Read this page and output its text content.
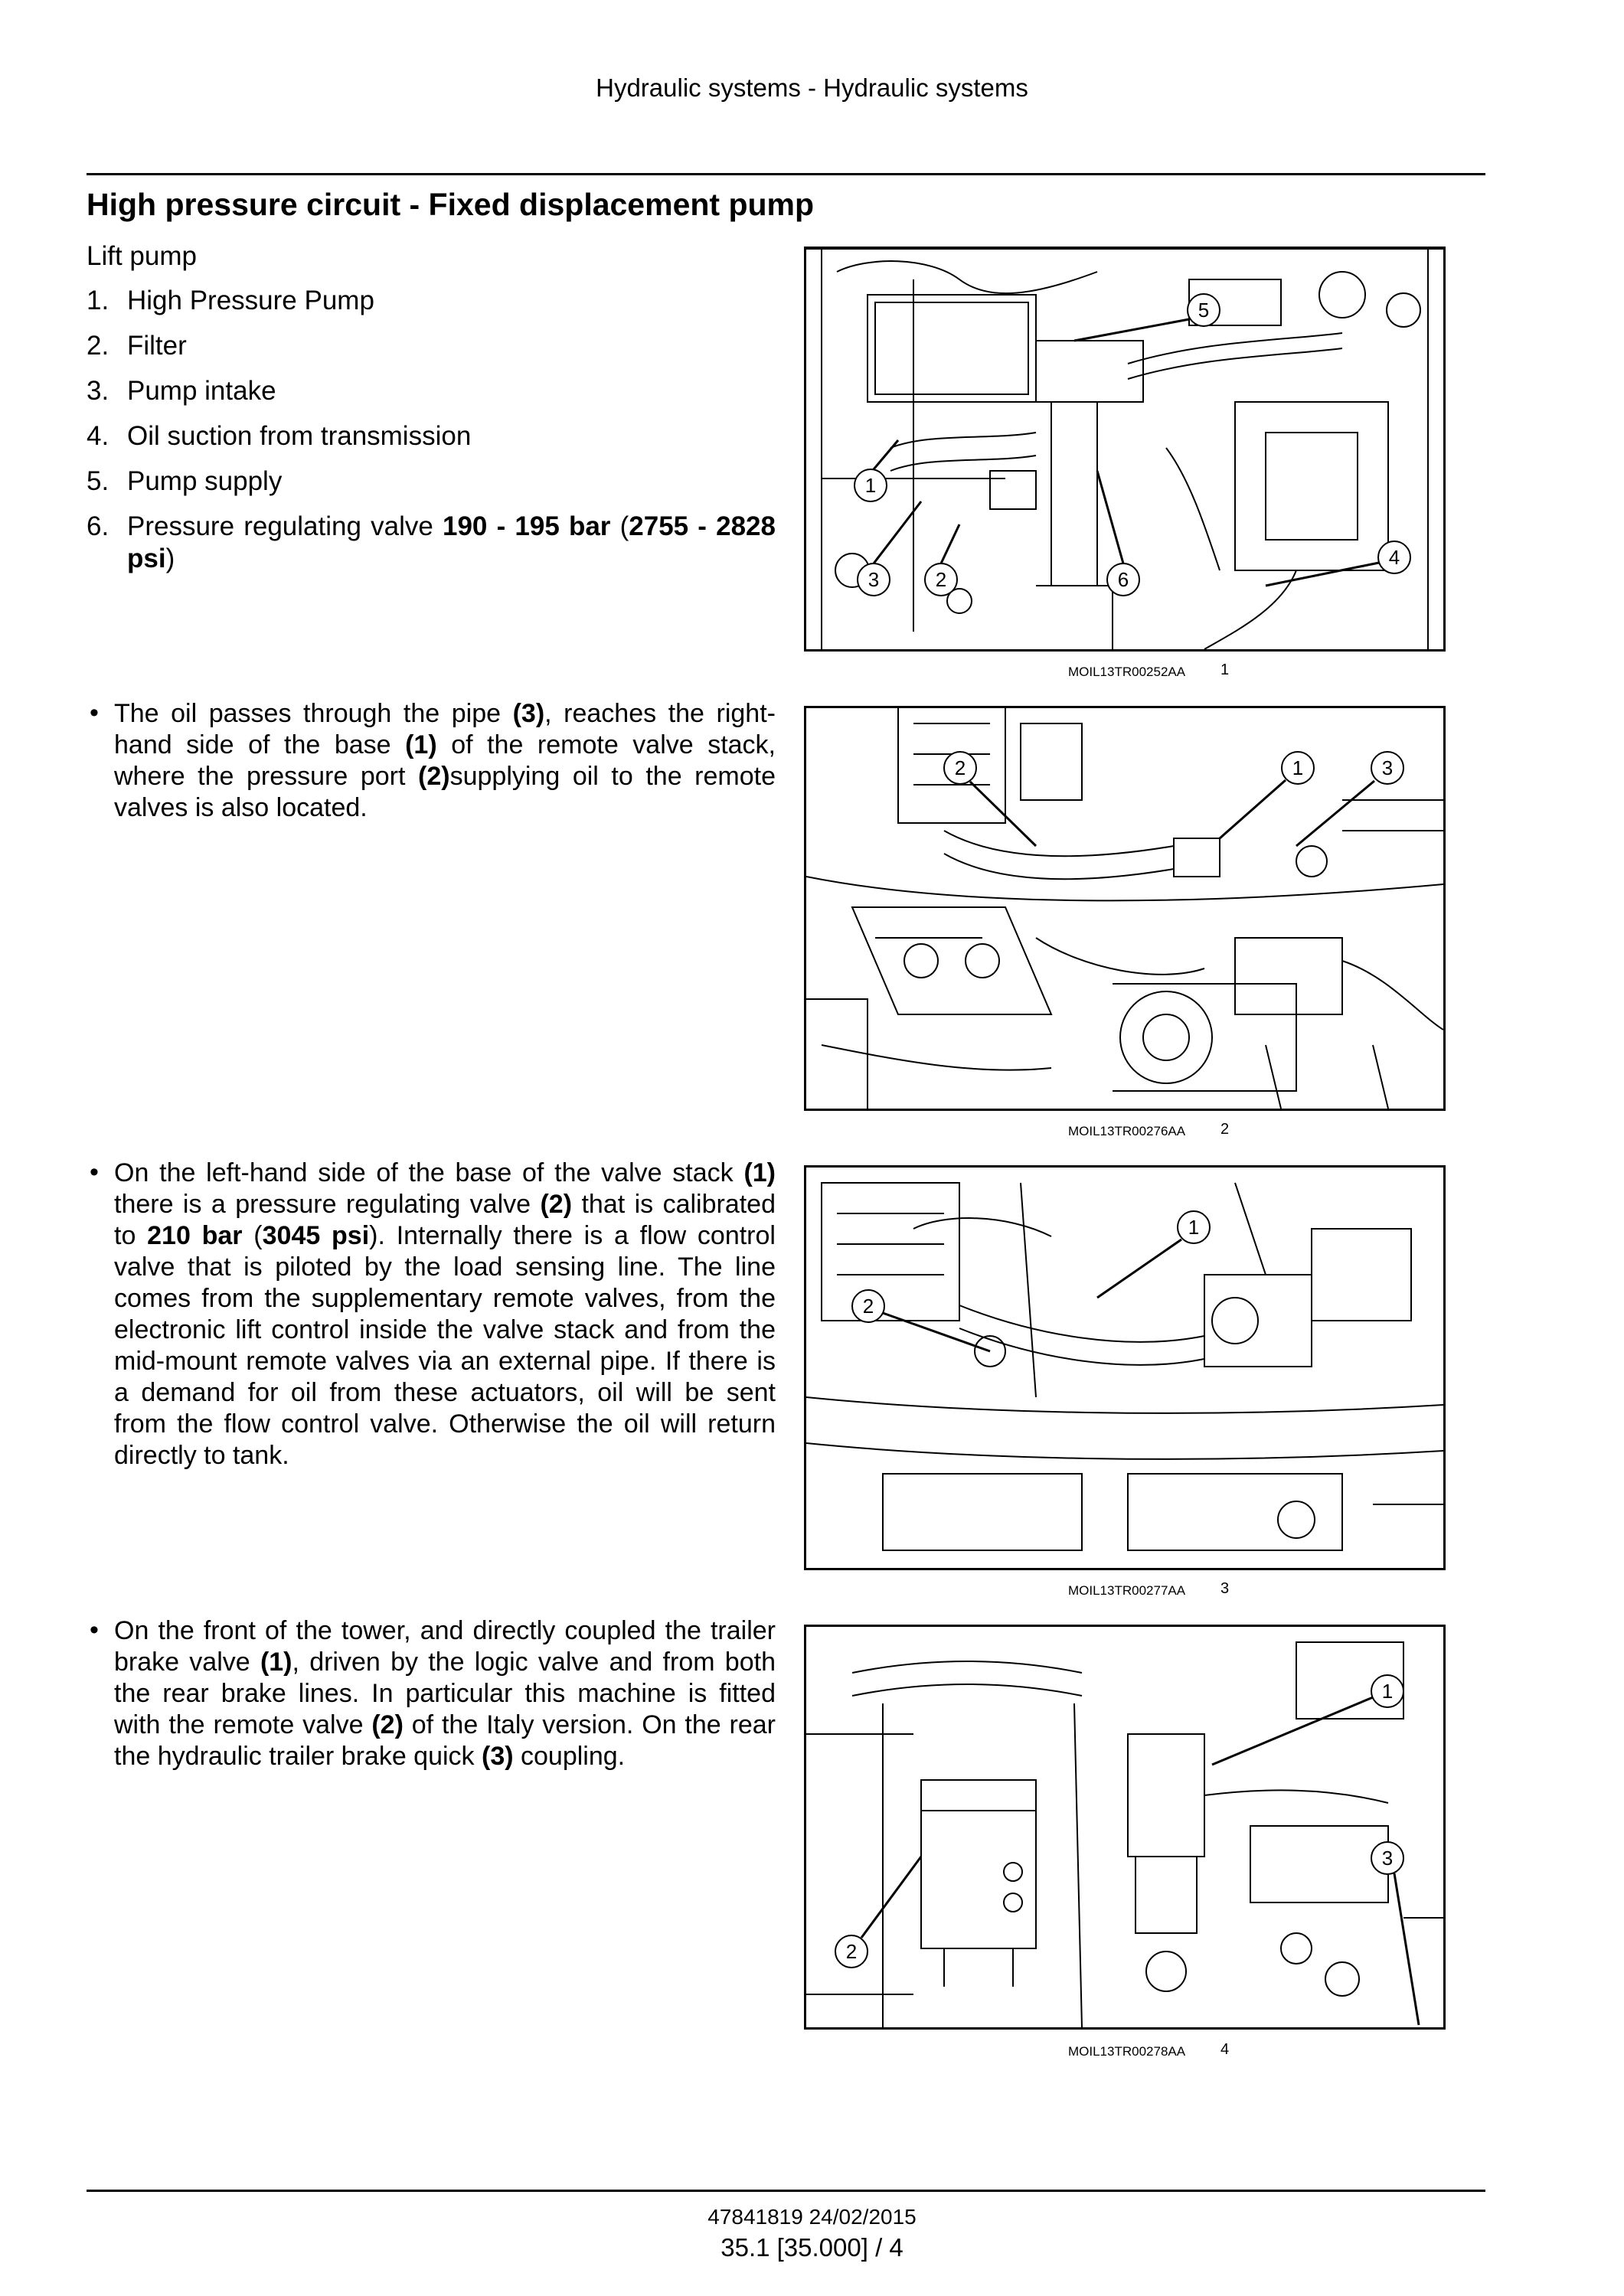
Hydraulic systems - Hydraulic systems
High pressure circuit - Fixed displacement pump
Lift pump
1. High Pressure Pump
2. Filter
3. Pump intake
4. Oil suction from transmission
5. Pump supply
6. Pressure regulating valve 190 - 195 bar (2755 - 2828 psi)
• The oil passes through the pipe (3), reaches the right-hand side of the base (1) of the remote valve stack, where the pressure port (2)supplying oil to the remote valves is also located.
• On the left-hand side of the base of the valve stack (1) there is a pressure regulating valve (2) that is calibrated to 210 bar (3045 psi). Internally there is a flow control valve that is piloted by the load sensing line. The line comes from the supplementary remote valves, from the electronic lift control inside the valve stack and from the mid-mount remote valves via an external pipe. If there is a demand for oil from these actuators, oil will be sent from the flow control valve. Otherwise the oil will return directly to tank.
• On the front of the tower, and directly coupled the trailer brake valve (1), driven by the logic valve and from both the rear brake lines. In particular this machine is fitted with the remote valve (2) of the Italy version. On the rear the hydraulic trailer brake quick (3) coupling.
5
1
4
3	2	6
MOIL13TR00252AA 1
2	1	3
MOIL13TR00276AA 2
1
2
MOIL13TR00277AA 3
1
3
2
MOIL13TR00278AA 4
47841819 24/02/2015
35.1 [35.000] / 4
